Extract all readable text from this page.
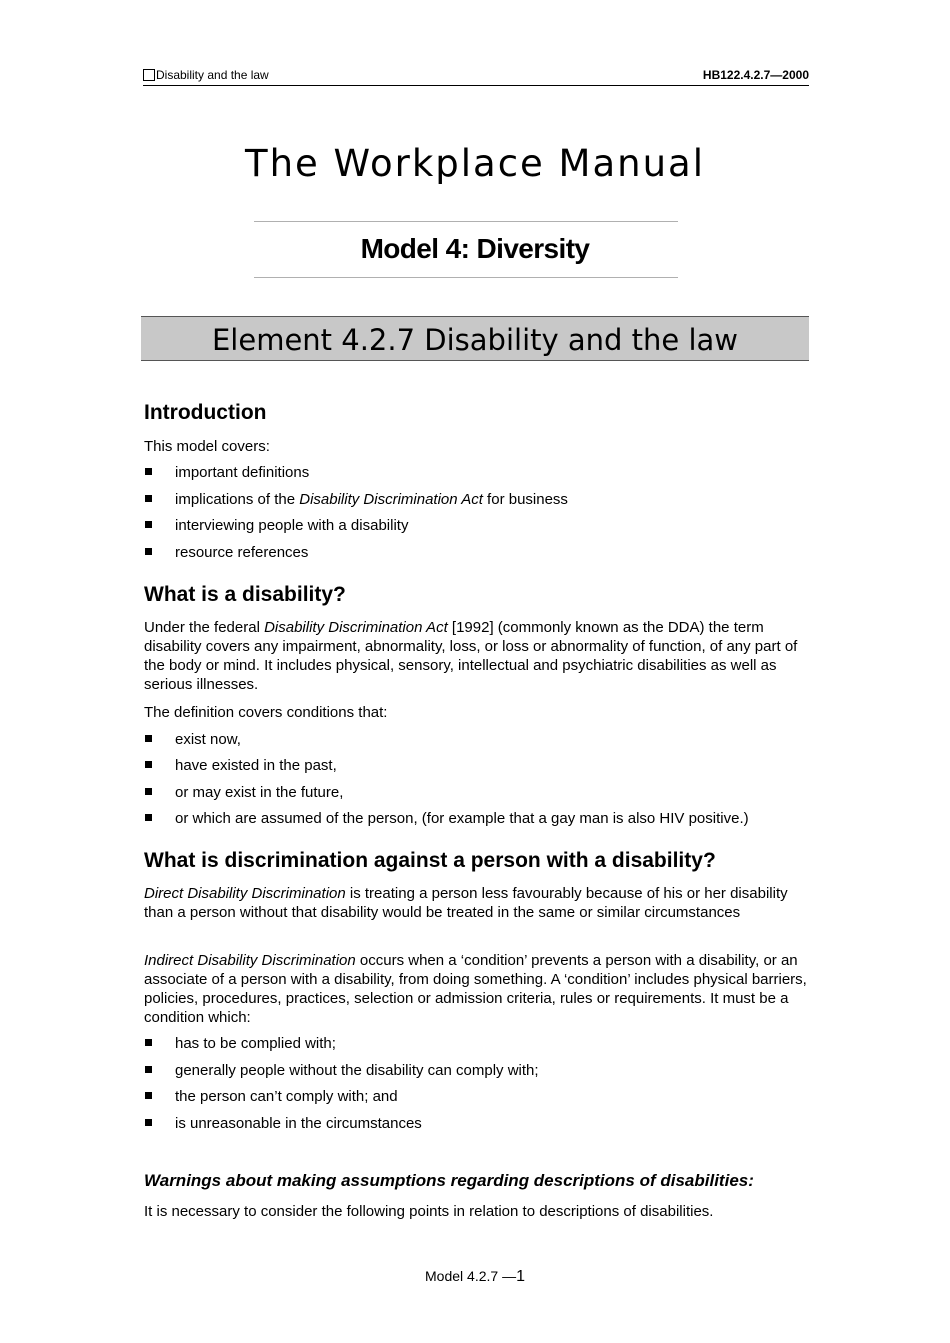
Disability and the law	HB122.4.2.7—2000
The Workplace Manual
Model 4: Diversity
Element 4.2.7 Disability and the law
Introduction

This model covers:

important definitions
implications of the Disability Discrimination Act for business
interviewing people with a disability
resource references
What is a disability?

Under the federal Disability Discrimination Act [1992] (commonly known as the DDA) the term disability covers any impairment, abnormality, loss, or loss or abnormality of function, of any part of the body or mind. It includes physical, sensory, intellectual and psychiatric disabilities as well as serious illnesses.

The definition covers conditions that:

exist now,
have existed in the past,
or may exist in the future,
or which are assumed of the person, (for example that a gay man is also HIV positive.)
What is discrimination against a person with a disability?

Direct Disability Discrimination is treating a person less favourably because of his or her disability than a person without that disability would be treated in the same or similar circumstances

Indirect Disability Discrimination occurs when a ‘condition’ prevents a person with a disability, or an associate of a person with a disability, from doing something. A ‘condition’ includes physical barriers, policies, procedures, practices, selection or admission criteria, rules or requirements. It must be a condition which:

has to be complied with;
generally people without the disability can comply with;
the person can’t comply with; and
is unreasonable in the circumstances
Warnings about making assumptions regarding descriptions of disabilities:

It is necessary to consider the following points in relation to descriptions of disabilities.

Model 4.2.7 —1
